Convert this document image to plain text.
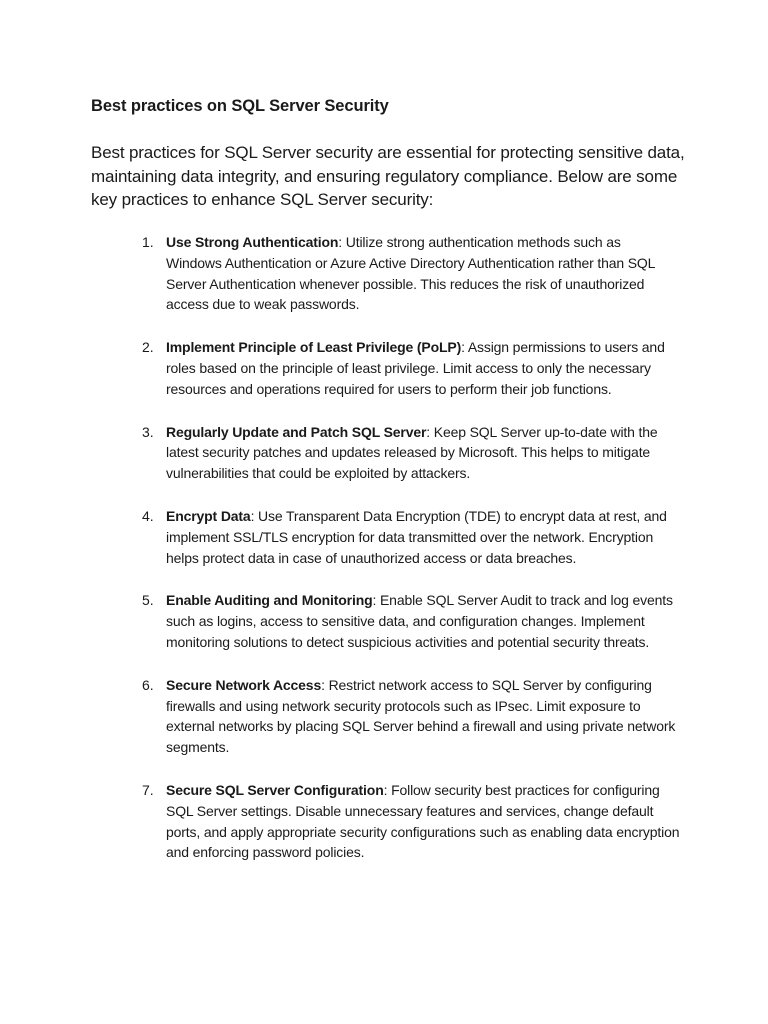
Best practices on SQL Server Security

Best practices for SQL Server security are essential for protecting sensitive data, maintaining data integrity, and ensuring regulatory compliance. Below are some key practices to enhance SQL Server security:

1. Use Strong Authentication: Utilize strong authentication methods such as Windows Authentication or Azure Active Directory Authentication rather than SQL Server Authentication whenever possible. This reduces the risk of unauthorized access due to weak passwords.
2. Implement Principle of Least Privilege (PoLP): Assign permissions to users and roles based on the principle of least privilege. Limit access to only the necessary resources and operations required for users to perform their job functions.
3. Regularly Update and Patch SQL Server: Keep SQL Server up-to-date with the latest security patches and updates released by Microsoft. This helps to mitigate vulnerabilities that could be exploited by attackers.
4. Encrypt Data: Use Transparent Data Encryption (TDE) to encrypt data at rest, and implement SSL/TLS encryption for data transmitted over the network. Encryption helps protect data in case of unauthorized access or data breaches.
5. Enable Auditing and Monitoring: Enable SQL Server Audit to track and log events such as logins, access to sensitive data, and configuration changes. Implement monitoring solutions to detect suspicious activities and potential security threats.
6. Secure Network Access: Restrict network access to SQL Server by configuring firewalls and using network security protocols such as IPsec. Limit exposure to external networks by placing SQL Server behind a firewall and using private network segments.
7. Secure SQL Server Configuration: Follow security best practices for configuring SQL Server settings. Disable unnecessary features and services, change default ports, and apply appropriate security configurations such as enabling data encryption and enforcing password policies.
